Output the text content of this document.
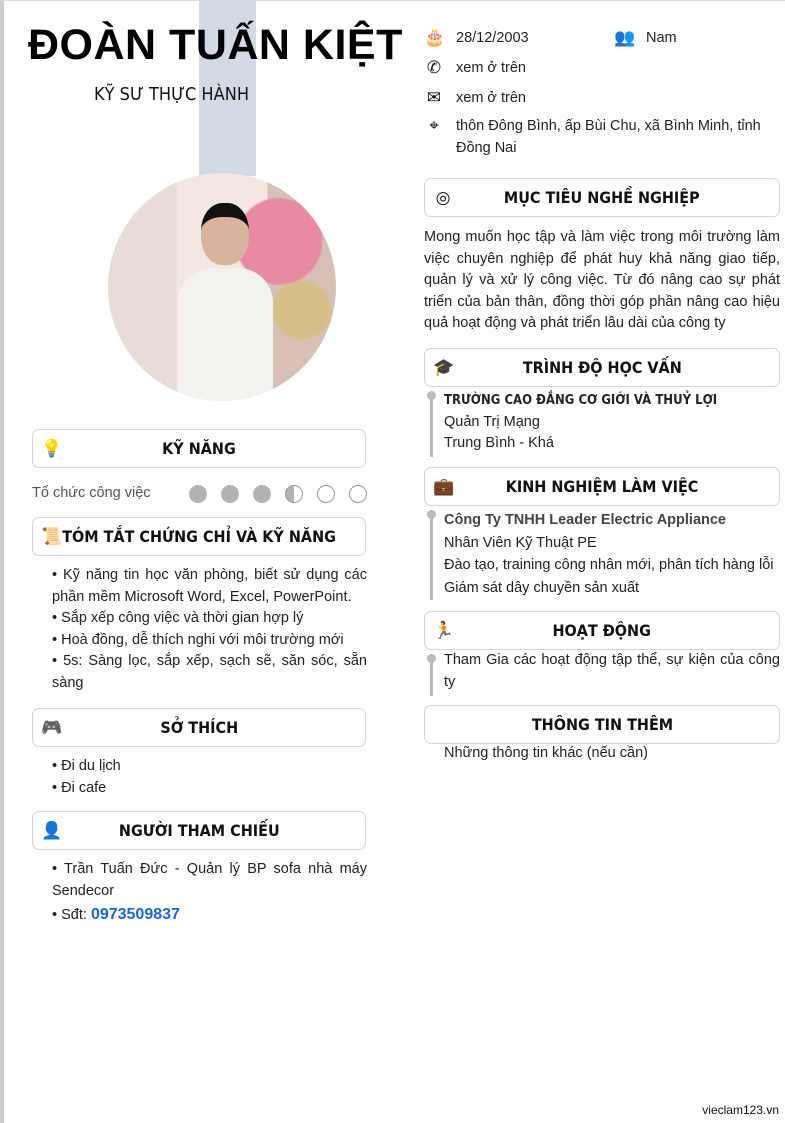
ĐOÀN TUẤN KIỆT
KỸ SƯ THỰC HÀNH
🎂 28/12/2003	👥 Nam
✆ xem ở trên
✉ xem ở trên
⌖	thôn Đông Bình, ấp Bùi Chu, xã Bình Minh, tỉnh Đồng Nai
💡	KỸ NĂNG
Tổ chức công việc
📜 TÓM TẮT CHỨNG CHỈ VÀ KỸ NĂNG
• Kỹ năng tin học văn phòng, biết sử dụng các phần mềm Microsoft Word, Excel, PowerPoint.
• Sắp xếp công việc và thời gian hợp lý
• Hoà đồng, dễ thích nghi với môi trường mới
• 5s: Sàng lọc, sắp xếp, sạch sẽ, săn sóc, sẵn sàng
🎮	SỞ THÍCH
• Đi du lịch
• Đi cafe
👤	NGƯỜI THAM CHIẾU
• Trần Tuấn Đức - Quản lý BP sofa nhà máy Sendecor
• Sđt: 0973509837
◎	MỤC TIÊU NGHỀ NGHIỆP
Mong muốn học tập và làm việc trong môi trường làm việc chuyên nghiệp để phát huy khả năng giao tiếp, quản lý và xử lý công việc. Từ đó nâng cao sự phát triển của bản thân, đồng thời góp phần nâng cao hiệu quả hoạt động và phát triển lâu dài của công ty
🎓	TRÌNH ĐỘ HỌC VẤN
TRƯỜNG CAO ĐẲNG CƠ GIỚI VÀ THUỶ LỢI
Quản Trị Mạng
Trung Bình - Khá
💼	KINH NGHIỆM LÀM VIỆC
Công Ty TNHH Leader Electric Appliance
Nhân Viên Kỹ Thuật PE
Đào tạo, training công nhân mới, phân tích hàng lỗi
Giám sát dây chuyền sản xuất
🏃	HOẠT ĐỘNG
Tham Gia các hoạt động tập thể, sự kiện của công ty
THÔNG TIN THÊM
Những thông tin khác (nếu cần)
vieclam123.vn
